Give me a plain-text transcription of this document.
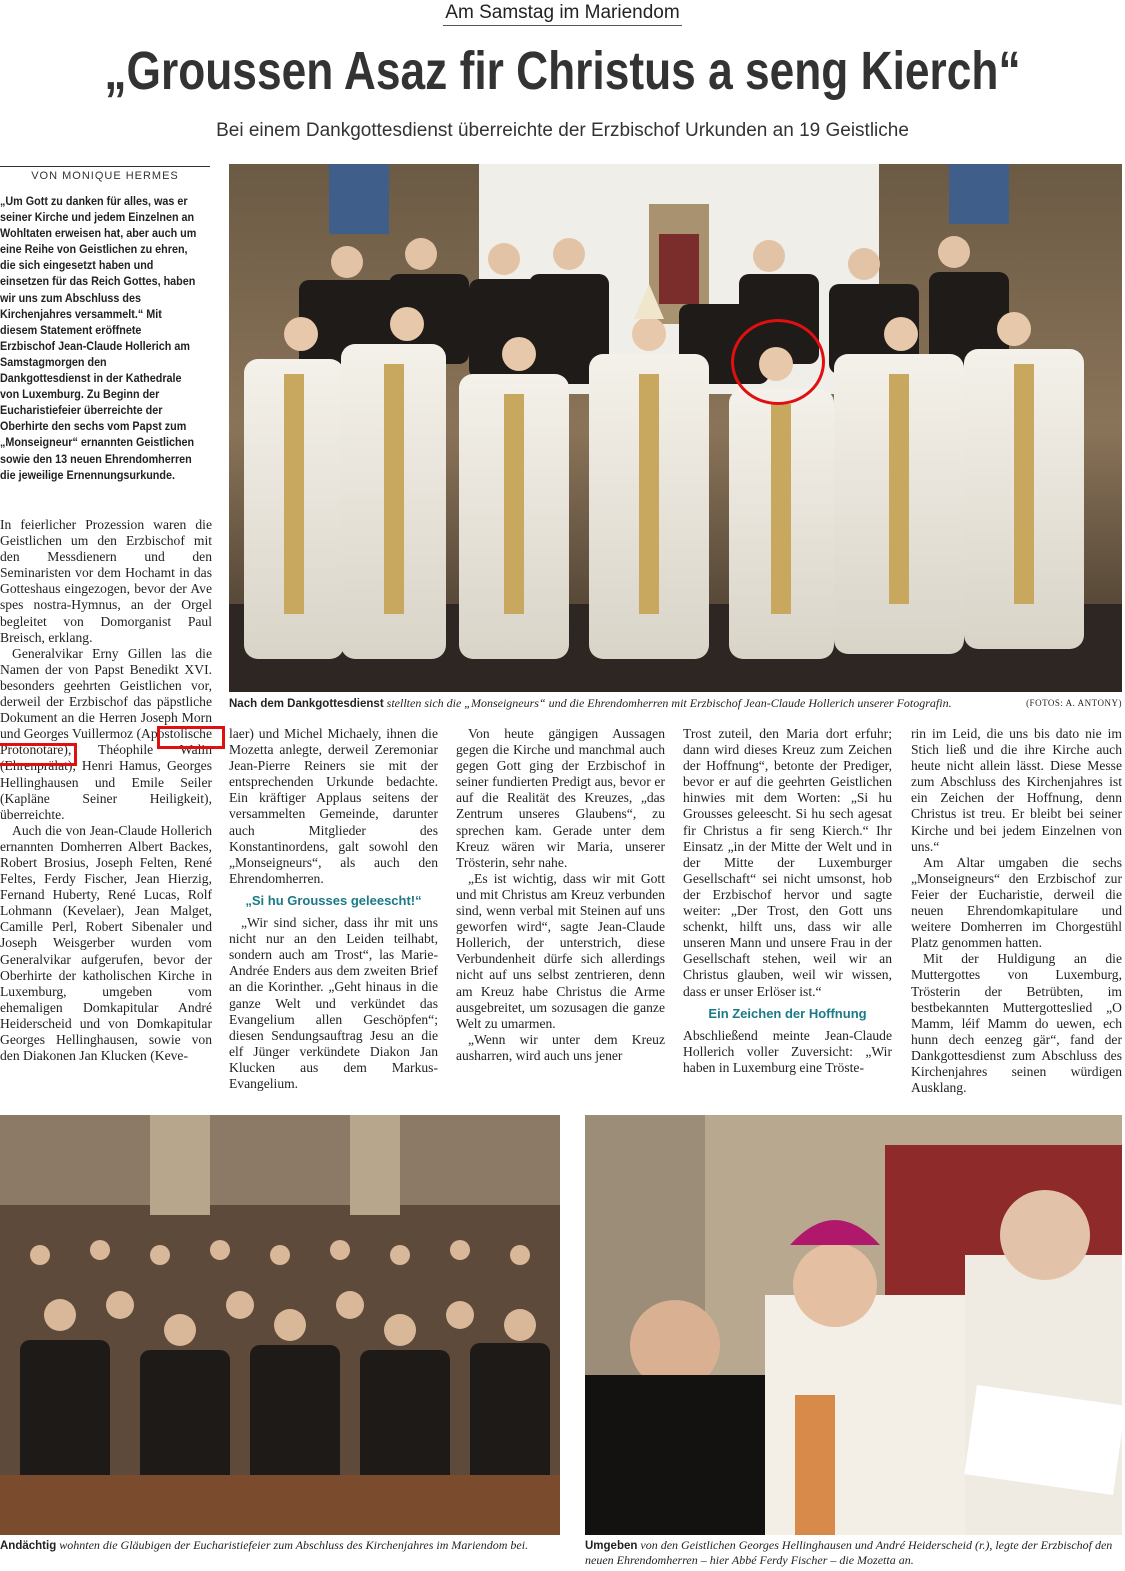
Am Samstag im Mariendom
„Groussen Asaz fir Christus a seng Kierch“
Bei einem Dankgottesdienst überreichte der Erzbischof Urkunden an 19 Geistliche
VON MONIQUE HERMES
„Um Gott zu danken für alles, was er seiner Kirche und jedem Einzelnen an Wohltaten erweisen hat, aber auch um eine Reihe von Geistlichen zu ehren, die sich eingesetzt haben und einsetzen für das Reich Gottes, haben wir uns zum Abschluss des Kirchenjahres versammelt.“ Mit diesem Statement eröffnete Erzbischof Jean-Claude Hollerich am Samstagmorgen den Dankgottesdienst in der Kathedrale von Luxemburg. Zu Beginn der Eucharistiefeier überreichte der Oberhirte den sechs vom Papst zum „Monseigneur“ ernannten Geistlichen sowie den 13 neuen Ehrendomherren die jeweilige Ernennungsurkunde.
(FOTOS: A. ANTONY)
Nach dem Dankgottesdienst stellten sich die „Monseigneurs“ und die Ehrendomherren mit Erzbischof Jean-Claude Hollerich unserer Fotografin.

In feierlicher Prozession waren die Geistlichen um den Erzbischof mit den Messdienern und den Seminaristen vor dem Hochamt in das Gotteshaus eingezogen, bevor der Ave spes nostra-Hymnus, an der Orgel begleitet von Domorganist Paul Breisch, erklang.

Generalvikar Erny Gillen las die Namen der von Papst Benedikt XVI. besonders geehrten Geistlichen vor, derweil der Erzbischof das päpstliche Dokument an die Herren Joseph Morn und Georges Vuillermoz (Apostolische Protonotare), Théophile Walin (Ehrenprälat), Henri Hamus, Georges Hellinghausen und Emile Seiler (Kapläne Seiner Heiligkeit), überreichte.

Auch die von Jean-Claude Hollerich ernannten Domherren Albert Backes, Robert Brosius, Joseph Felten, René Feltes, Ferdy Fischer, Jean Hierzig, Fernand Huberty, René Lucas, Rolf Lohmann (Kevelaer), Jean Malget, Camille Perl, Robert Sibenaler und Joseph Weisgerber wurden vom Generalvikar aufgerufen, bevor der Oberhirte der katholischen Kirche in Luxemburg, umgeben vom ehemaligen Domkapitular André Heiderscheid und von Domkapitular Georges Hellinghausen, sowie von den Diakonen Jan Klucken (Keve-

laer) und Michel Michaely, ihnen die Mozetta anlegte, derweil Zeremoniar Jean-Pierre Reiners sie mit der entsprechenden Urkunde bedachte. Ein kräftiger Applaus seitens der versammelten Gemeinde, darunter auch Mitglieder des Konstantinordens, galt sowohl den „Monseigneurs“, als auch den Ehrendomherren.

„Si hu Grousses geleescht!“

„Wir sind sicher, dass ihr mit uns nicht nur an den Leiden teilhabt, sondern auch am Trost“, las Marie-Andrée Enders aus dem zweiten Brief an die Korinther. „Geht hinaus in die ganze Welt und verkündet das Evangelium allen Geschöpfen“; diesen Sendungsauftrag Jesu an die elf Jünger verkündete Diakon Jan Klucken aus dem Markus-Evangelium.

Von heute gängigen Aussagen gegen die Kirche und manchmal auch gegen Gott ging der Erzbischof in seiner fundierten Predigt aus, bevor er auf die Realität des Kreuzes, „das Zentrum unseres Glaubens“, zu sprechen kam. Gerade unter dem Kreuz wären wir Maria, unserer Trösterin, sehr nahe.

„Es ist wichtig, dass wir mit Gott und mit Christus am Kreuz verbunden sind, wenn verbal mit Steinen auf uns geworfen wird“, sagte Jean-Claude Hollerich, der unterstrich, diese Verbundenheit dürfe sich allerdings nicht auf uns selbst zentrieren, denn am Kreuz habe Christus die Arme ausgebreitet, um sozusagen die ganze Welt zu umarmen.

„Wenn wir unter dem Kreuz ausharren, wird auch uns jener

Trost zuteil, den Maria dort erfuhr; dann wird dieses Kreuz zum Zeichen der Hoffnung“, betonte der Prediger, bevor er auf die geehrten Geistlichen hinwies mit dem Worten: „Si hu Grousses geleescht. Si hu sech agesat fir Christus a fir seng Kierch.“ Ihr Einsatz „in der Mitte der Welt und in der Mitte der Luxemburger Gesellschaft“ sei nicht umsonst, hob der Erzbischof hervor und sagte weiter: „Der Trost, den Gott uns schenkt, hilft uns, dass wir alle unseren Mann und unsere Frau in der Gesellschaft stehen, weil wir an Christus glauben, weil wir wissen, dass er unser Erlöser ist.“

Ein Zeichen der Hoffnung

Abschließend meinte Jean-Claude Hollerich voller Zuversicht: „Wir haben in Luxemburg eine Tröste-

rin im Leid, die uns bis dato nie im Stich ließ und die ihre Kirche auch heute nicht allein lässt. Diese Messe zum Abschluss des Kirchenjahres ist ein Zeichen der Hoffnung, denn Christus ist treu. Er bleibt bei seiner Kirche und bei jedem Einzelnen von uns.“

Am Altar umgaben die sechs „Monseigneurs“ den Erzbischof zur Feier der Eucharistie, derweil die neuen Ehrendomkapitulare und weitere Domherren im Chorgestühl Platz genommen hatten.

Mit der Huldigung an die Muttergottes von Luxemburg, Trösterin der Betrübten, im bestbekannten Muttergotteslied „O Mamm, léif Mamm do uewen, ech hunn dech eenzeg gär“, fand der Dankgottesdienst zum Abschluss des Kirchenjahres seinen würdigen Ausklang.

Andächtig wohnten die Gläubigen der Eucharistiefeier zum Abschluss des Kirchenjahres im Mariendom bei.	Umgeben von den Geistlichen Georges Hellinghausen und André Heiderscheid (r.), legte der Erzbischof den neuen Ehrendomherren – hier Abbé Ferdy Fischer – die Mozetta an.
